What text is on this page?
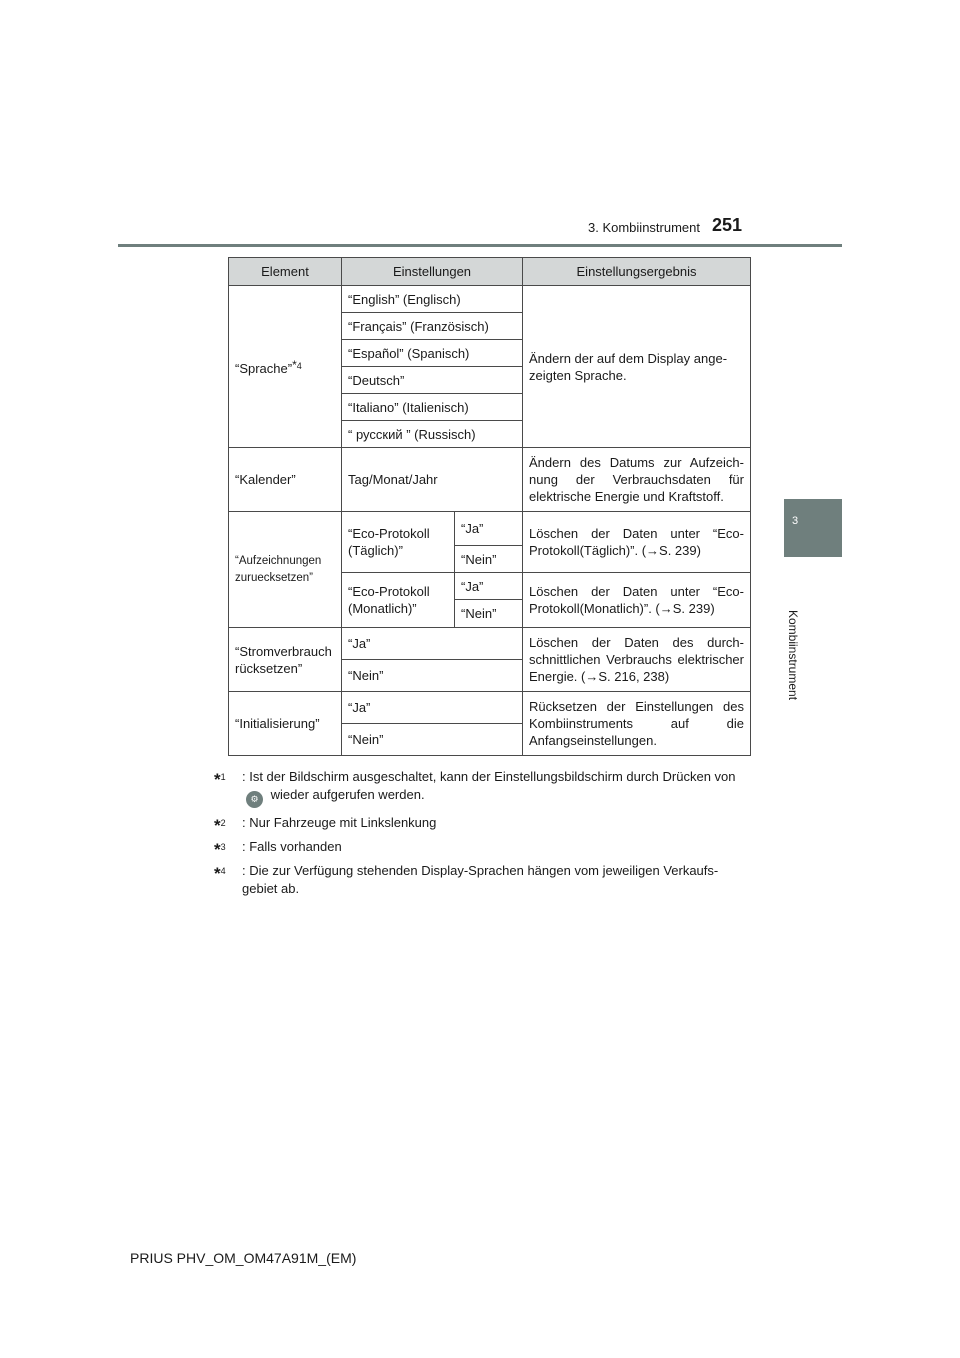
3. Kombiinstrument 251
3
Kombiinstrument
Element	Einstellungen		Einstellungsergebnis
“Sprache”$^{*4}$	“English” (Englisch)		Ändern der auf dem Display angezeigten Sprache.
	“Français” (Französisch)		
	“Español” (Spanisch)		
	“Deutsch”		
	“Italiano” (Italienisch)		
	“ русский ” (Russisch)		
“Kalender”	Tag/Monat/Jahr		Ändern des Datums zur Aufzeichnung der Verbrauchsdaten für elektrische Energie und Kraftstoff.
“Aufzeichnungen zuruecksetzen”	“Eco-Protokoll (Täglich)”	“Ja”	Löschen der Daten unter “Eco-Protokoll(Täglich)”. (→S. 239)
		“Nein”	
	“Eco-Protokoll (Monatlich)”	“Ja”	Löschen der Daten unter “Eco-Protokoll(Monatlich)”. (→S. 239)
		“Nein”	
“Stromverbrauch rücksetzen”	“Ja”		Löschen der Daten des durchschnittlichen Verbrauchs elektrischer Energie. (→S. 216, 238)
	“Nein”		
“Initialisierung”	“Ja”		Rücksetzen der Einstellungen des Kombiinstruments auf die Anfangseinstellungen.
	“Nein”		
*$^1$ : Ist der Bildschirm ausgeschaltet, kann der Einstellungsbildschirm durch Drücken von ⚙ wieder aufgerufen werden.
*$^2$ : Nur Fahrzeuge mit Linkslenkung
*$^3$ : Falls vorhanden
*$^4$ : Die zur Verfügung stehenden Display-Sprachen hängen vom jeweiligen Verkaufsgebiet ab.
PRIUS PHV_OM_OM47A91M_(EM)
